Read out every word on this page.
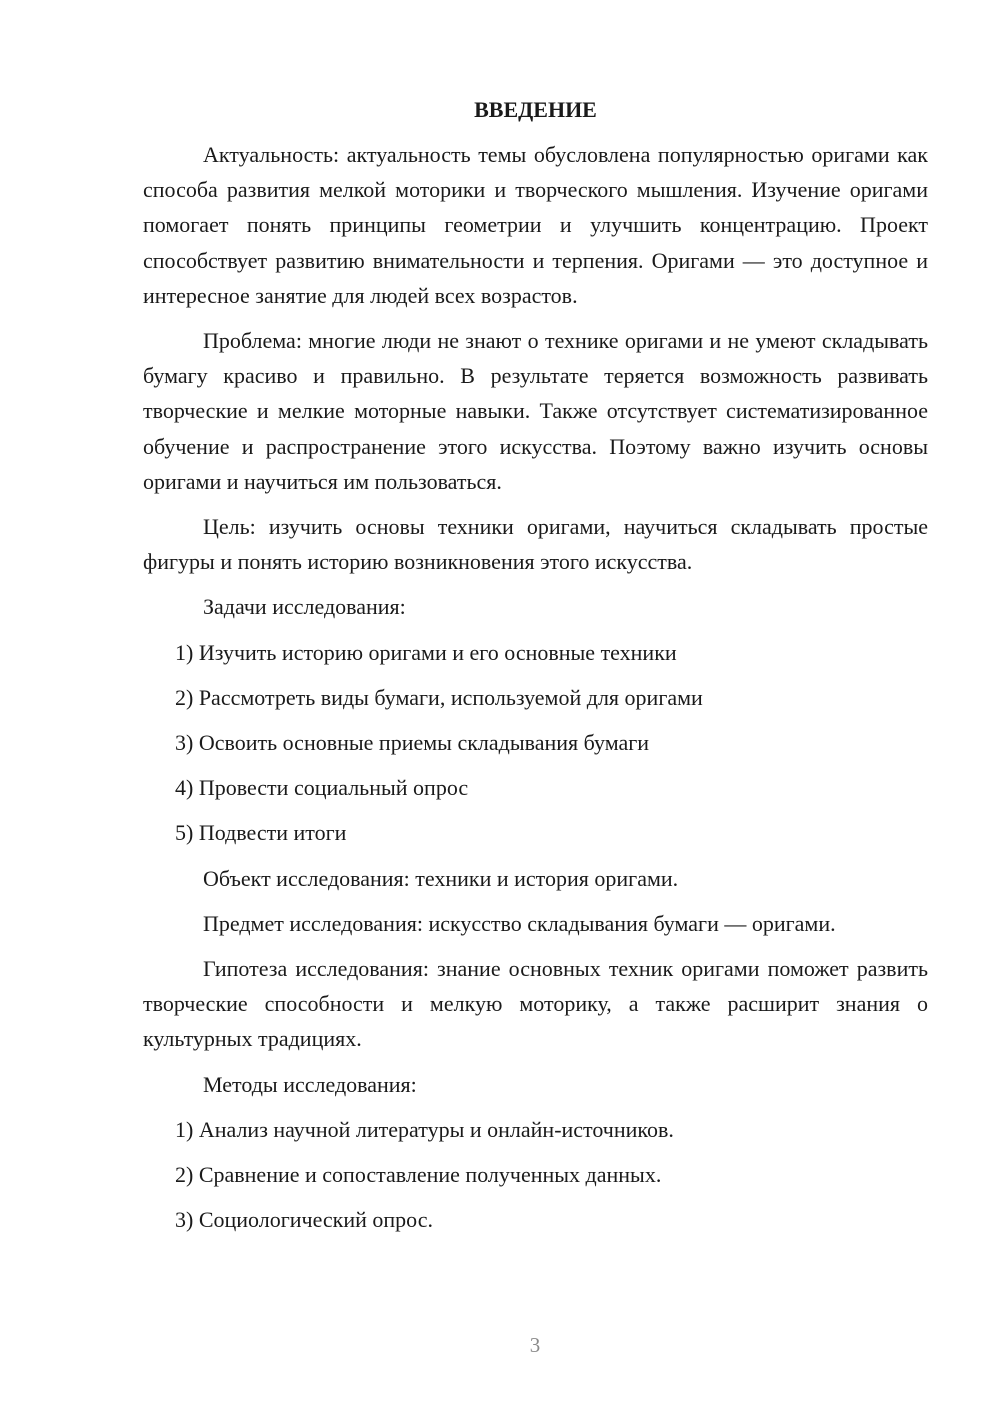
ВВЕДЕНИЕ

Актуальность: актуальность темы обусловлена популярностью оригами как способа развития мелкой моторики и творческого мышления. Изучение оригами помогает понять принципы геометрии и улучшить концентрацию. Проект способствует развитию внимательности и терпения. Оригами — это доступное и интересное занятие для людей всех возрастов.

Проблема: многие люди не знают о технике оригами и не умеют складывать бумагу красиво и правильно. В результате теряется возможность развивать творческие и мелкие моторные навыки. Также отсутствует систематизированное обучение и распространение этого искусства. Поэтому важно изучить основы оригами и научиться им пользоваться.

Цель: изучить основы техники оригами, научиться складывать простые фигуры и понять историю возникновения этого искусства.

Задачи исследования:

1) Изучить историю оригами и его основные техники

2) Рассмотреть виды бумаги, используемой для оригами

3) Освоить основные приемы складывания бумаги

4) Провести социальный опрос

5) Подвести итоги

Объект исследования: техники и история оригами.

Предмет исследования: искусство складывания бумаги — оригами.

Гипотеза исследования: знание основных техник оригами поможет развить творческие способности и мелкую моторику, а также расширит знания о культурных традициях.

Методы исследования:

1) Анализ научной литературы и онлайн-источников.

2) Сравнение и сопоставление полученных данных.

3) Социологический опрос.

3
